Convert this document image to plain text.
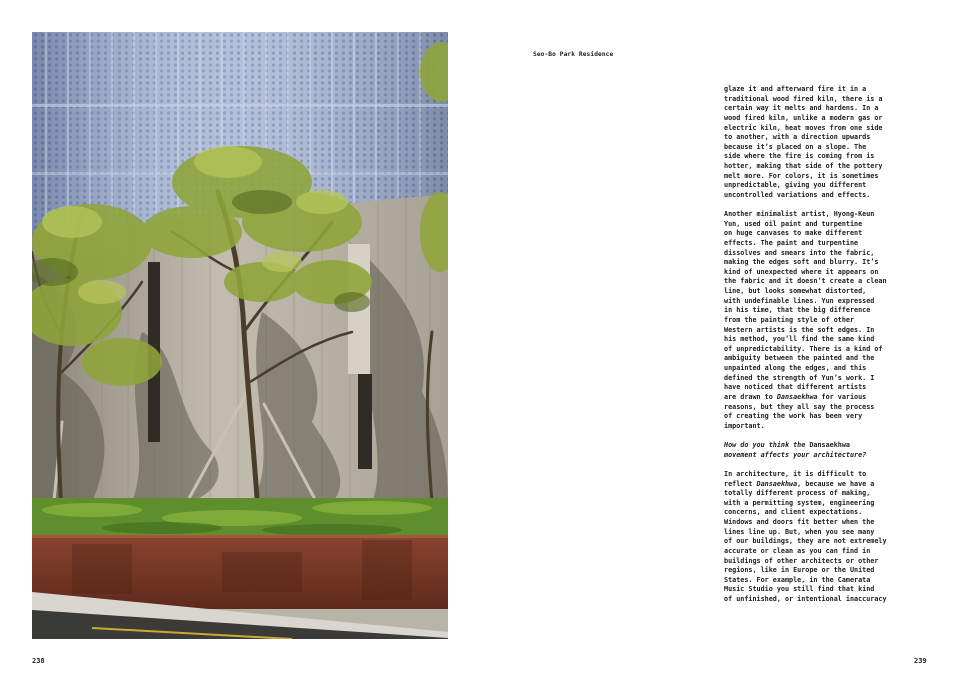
238
Seo-Bo Park Residence

glaze it and afterward fire it in a
traditional wood fired kiln, there is a
certain way it melts and hardens. In a
wood fired kiln, unlike a modern gas or
electric kiln, heat moves from one side
to another, with a direction upwards
because it’s placed on a slope. The
side where the fire is coming from is
hotter, making that side of the pottery
melt more. For colors, it is sometimes
unpredictable, giving you different
uncontrolled variations and effects.

Another minimalist artist, Hyong-Keun
Yun, used oil paint and turpentine
on huge canvases to make different
effects. The paint and turpentine
dissolves and smears into the fabric,
making the edges soft and blurry. It’s
kind of unexpected where it appears on
the fabric and it doesn’t create a clean
line, but looks somewhat distorted,
with undefinable lines. Yun expressed
in his time, that the big difference
from the painting style of other
Western artists is the soft edges. In
his method, you’ll find the same kind
of unpredictability. There is a kind of
ambiguity between the painted and the
unpainted along the edges, and this
defined the strength of Yun’s work. I
have noticed that different artists
are drawn to Dansaekhwa for various
reasons, but they all say the process
of creating the work has been very
important.

How do you think the Dansaekhwa
movement affects your architecture?

In architecture, it is difficult to
reflect Dansaekhwa, because we have a
totally different process of making,
with a permitting system, engineering
concerns, and client expectations.
Windows and doors fit better when the
lines line up. But, when you see many
of our buildings, they are not extremely
accurate or clean as you can find in
buildings of other architects or other
regions, like in Europe or the United
States. For example, in the Camerata
Music Studio you still find that kind
of unfinished, or intentional inaccuracy

239
